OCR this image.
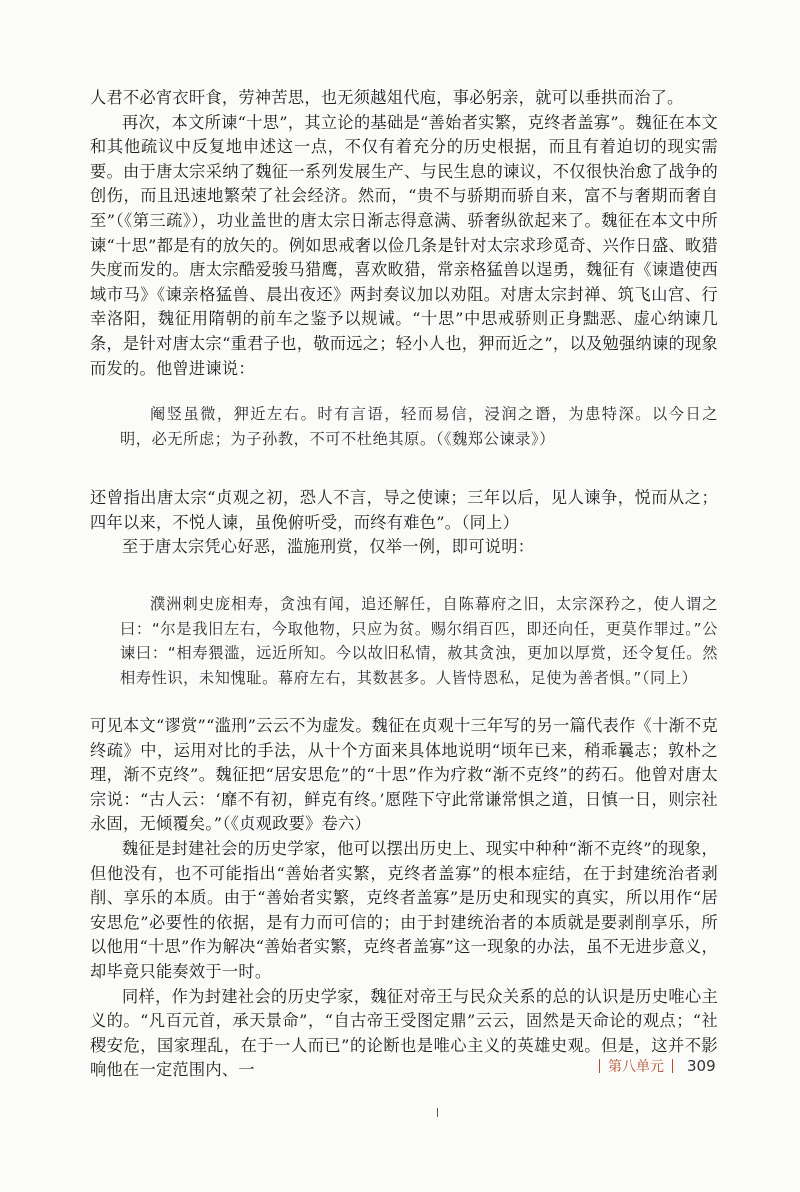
人君不必宵衣旰食，劳神苦思，也无须越俎代庖，事必躬亲，就可以垂拱而治了。

再次，本文所谏“十思”，其立论的基础是“善始者实繁，克终者盖寡”。魏征在本文和其他疏议中反复地申述这一点，不仅有着充分的历史根据，而且有着迫切的现实需要。由于唐太宗采纳了魏征一系列发展生产、与民生息的谏议，不仅很快治愈了战争的创伤，而且迅速地繁荣了社会经济。然而，“贵不与骄期而骄自来，富不与奢期而奢自至”（《第三疏》），功业盖世的唐太宗日渐志得意满、骄奢纵欲起来了。魏征在本文中所谏“十思”都是有的放矢的。例如思戒奢以俭几条是针对太宗求珍觅奇、兴作日盛、畋猎失度而发的。唐太宗酷爱骏马猎鹰，喜欢畋猎，常亲格猛兽以逞勇，魏征有《谏遣使西域市马》《谏亲格猛兽、晨出夜还》两封奏议加以劝阻。对唐太宗封禅、筑飞山宫、行幸洛阳，魏征用隋朝的前车之鉴予以规诫。“十思”中思戒骄则正身黜恶、虚心纳谏几条，是针对唐太宗“重君子也，敬而远之；轻小人也，狎而近之”，以及勉强纳谏的现象而发的。他曾进谏说：

阉竖虽微，狎近左右。时有言语，轻而易信，浸润之谮，为患特深。以今日之明，必无所虑；为子孙教，不可不杜绝其原。（《魏郑公谏录》）

还曾指出唐太宗“贞观之初，恐人不言，导之使谏；三年以后，见人谏争，悦而从之；四年以来，不悦人谏，虽俛俯听受，而终有难色”。（同上）

至于唐太宗凭心好恶，滥施刑赏，仅举一例，即可说明：

濮洲刺史庞相寿，贪浊有闻，追还解任，自陈幕府之旧，太宗深矜之，使人谓之曰：“尔是我旧左右，今取他物，只应为贫。赐尔绢百匹，即还向任，更莫作罪过。”公谏曰：“相寿猥滥，远近所知。今以故旧私情，赦其贪浊，更加以厚赏，还令复任。然相寿性识，未知愧耻。幕府左右，其数甚多。人皆恃恩私，足使为善者惧。”（同上）

可见本文“谬赏”“滥刑”云云不为虚发。魏征在贞观十三年写的另一篇代表作《十渐不克终疏》中，运用对比的手法，从十个方面来具体地说明“顷年已来，稍乖曩志；敦朴之理，渐不克终”。魏征把“居安思危”的“十思”作为疗救“渐不克终”的药石。他曾对唐太宗说：“古人云：‘靡不有初，鲜克有终。’愿陛下守此常谦常惧之道，日慎一日，则宗社永固，无倾覆矣。”（《贞观政要》卷六）

魏征是封建社会的历史学家，他可以摆出历史上、现实中种种“渐不克终”的现象，但他没有，也不可能指出“善始者实繁，克终者盖寡”的根本症结，在于封建统治者剥削、享乐的本质。由于“善始者实繁，克终者盖寡”是历史和现实的真实，所以用作“居安思危”必要性的依据，是有力而可信的；由于封建统治者的本质就是要剥削享乐，所以他用“十思”作为解决“善始者实繁，克终者盖寡”这一现象的办法，虽不无进步意义，却毕竟只能奏效于一时。

同样，作为封建社会的历史学家，魏征对帝王与民众关系的总的认识是历史唯心主义的。“凡百元首，承天景命”，“自古帝王受图定鼎”云云，固然是天命论的观点；“社稷安危，国家理乱，在于一人而已”的论断也是唯心主义的英雄史观。但是，这并不影响他在一定范围内、一	第八单元 309
